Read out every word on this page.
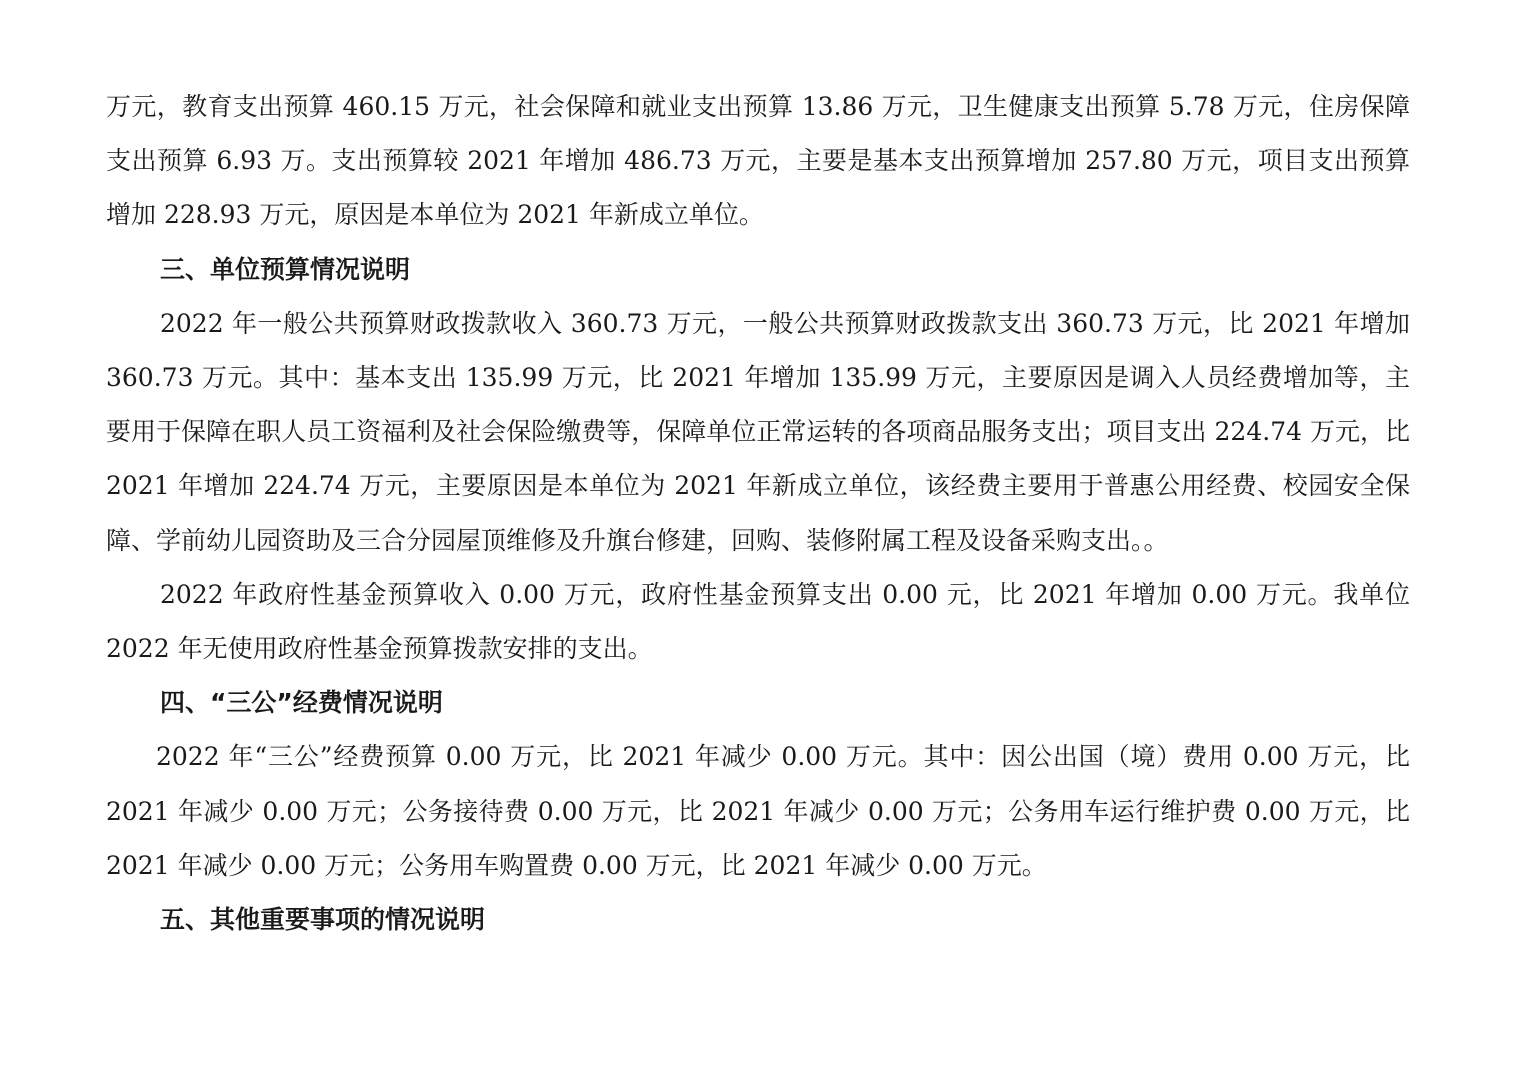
万元，教育支出预算 460.15 万元，社会保障和就业支出预算 13.86 万元，卫生健康支出预算 5.78 万元，住房保障支出预算 6.93 万。支出预算较 2021 年增加 486.73 万元，主要是基本支出预算增加 257.80 万元，项目支出预算增加 228.93 万元，原因是本单位为 2021 年新成立单位。

三、单位预算情况说明

2022 年一般公共预算财政拨款收入 360.73 万元，一般公共预算财政拨款支出 360.73 万元，比 2021 年增加 360.73 万元。其中：基本支出 135.99 万元，比 2021 年增加 135.99 万元，主要原因是调入人员经费增加等，主要用于保障在职人员工资福利及社会保险缴费等，保障单位正常运转的各项商品服务支出；项目支出 224.74 万元，比 2021 年增加 224.74 万元，主要原因是本单位为 2021 年新成立单位，该经费主要用于普惠公用经费、校园安全保障、学前幼儿园资助及三合分园屋顶维修及升旗台修建，回购、装修附属工程及设备采购支出。。

2022 年政府性基金预算收入 0.00 万元，政府性基金预算支出 0.00 元，比 2021 年增加 0.00 万元。我单位 2022 年无使用政府性基金预算拨款安排的支出。

四、“三公”经费情况说明

2022 年“三公”经费预算 0.00 万元，比 2021 年减少 0.00 万元。其中：因公出国（境）费用 0.00 万元，比 2021 年减少 0.00 万元；公务接待费 0.00 万元，比 2021 年减少 0.00 万元；公务用车运行维护费 0.00 万元，比 2021 年减少 0.00 万元；公务用车购置费 0.00 万元，比 2021 年减少 0.00 万元。

五、其他重要事项的情况说明
